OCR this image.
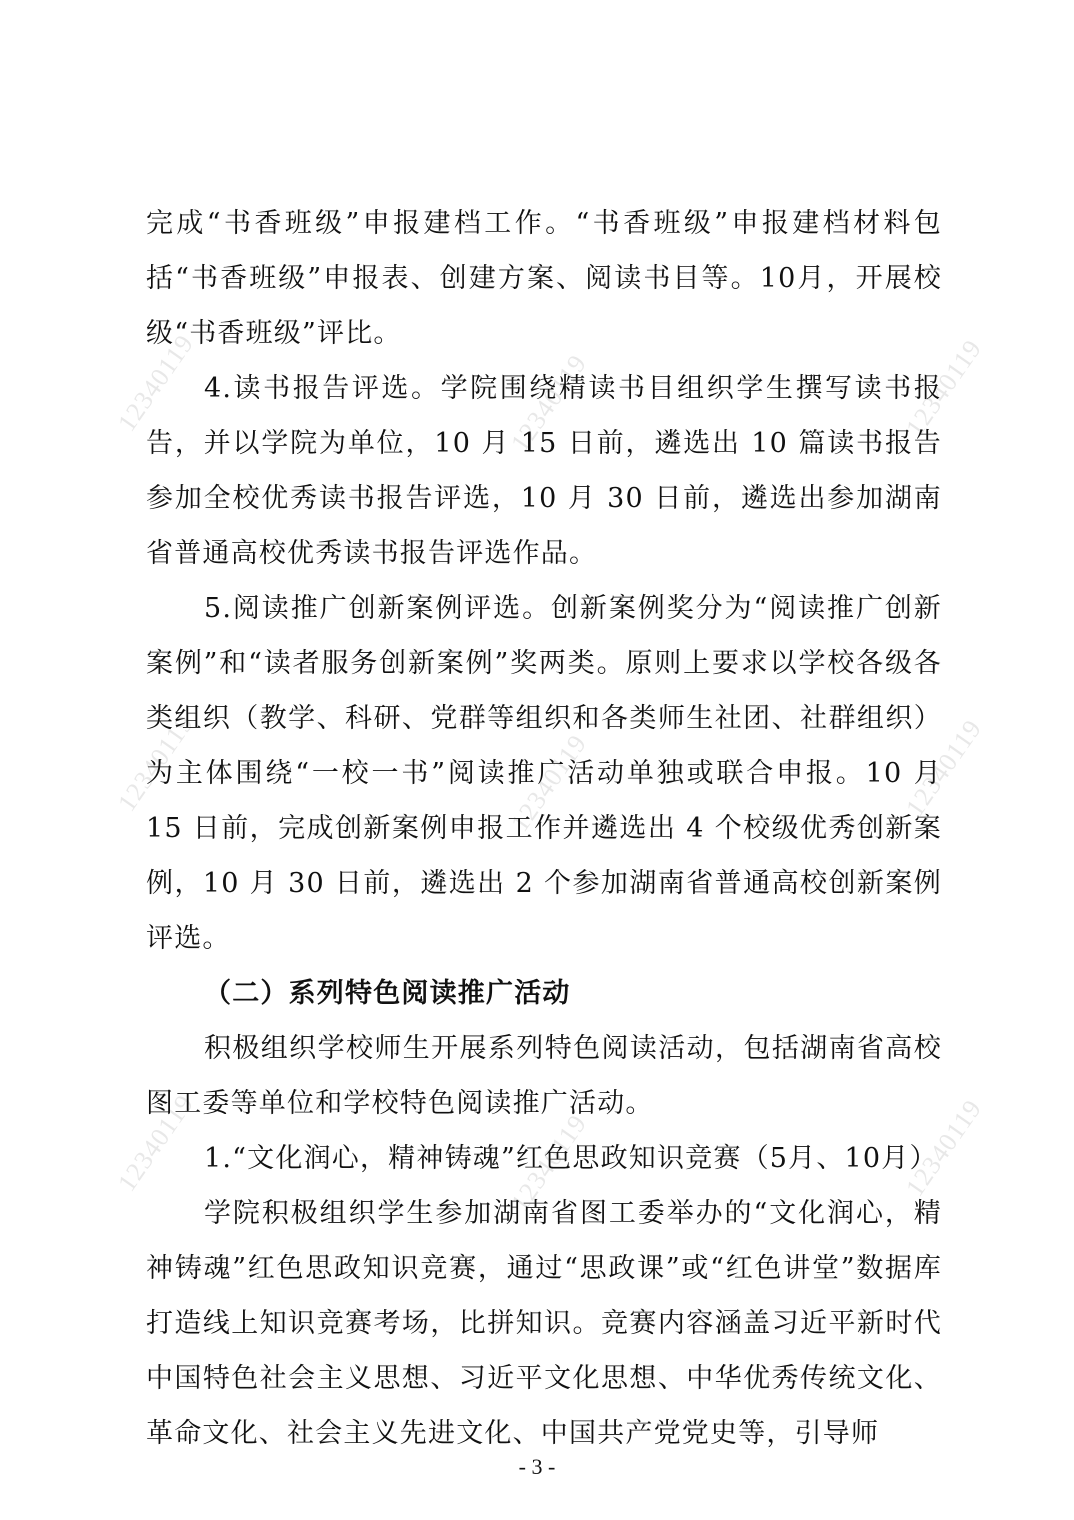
12340119	12340119	12340119
12340119	12340119	12340119
12340119	12340119	12340119

完成“书香班级”申报建档工作。“书香班级”申报建档材料包括“书香班级”申报表、创建方案、阅读书目等。10月，开展校级“书香班级”评比。

4.读书报告评选。学院围绕精读书目组织学生撰写读书报告，并以学院为单位，10 月 15 日前，遴选出 10 篇读书报告参加全校优秀读书报告评选，10 月 30 日前，遴选出参加湖南省普通高校优秀读书报告评选作品。

5.阅读推广创新案例评选。创新案例奖分为“阅读推广创新案例”和“读者服务创新案例”奖两类。原则上要求以学校各级各类组织（教学、科研、党群等组织和各类师生社团、社群组织）为主体围绕“一校一书”阅读推广活动单独或联合申报。10 月 15 日前，完成创新案例申报工作并遴选出 4 个校级优秀创新案例，10 月 30 日前，遴选出 2 个参加湖南省普通高校创新案例评选。

（二）系列特色阅读推广活动

积极组织学校师生开展系列特色阅读活动，包括湖南省高校图工委等单位和学校特色阅读推广活动。

1.“文化润心，精神铸魂”红色思政知识竞赛（5月、10月）

学院积极组织学生参加湖南省图工委举办的“文化润心，精神铸魂”红色思政知识竞赛，通过“思政课”或“红色讲堂”数据库打造线上知识竞赛考场，比拼知识。竞赛内容涵盖习近平新时代中国特色社会主义思想、习近平文化思想、中华优秀传统文化、革命文化、社会主义先进文化、中国共产党党史等，引导师

- 3 -
